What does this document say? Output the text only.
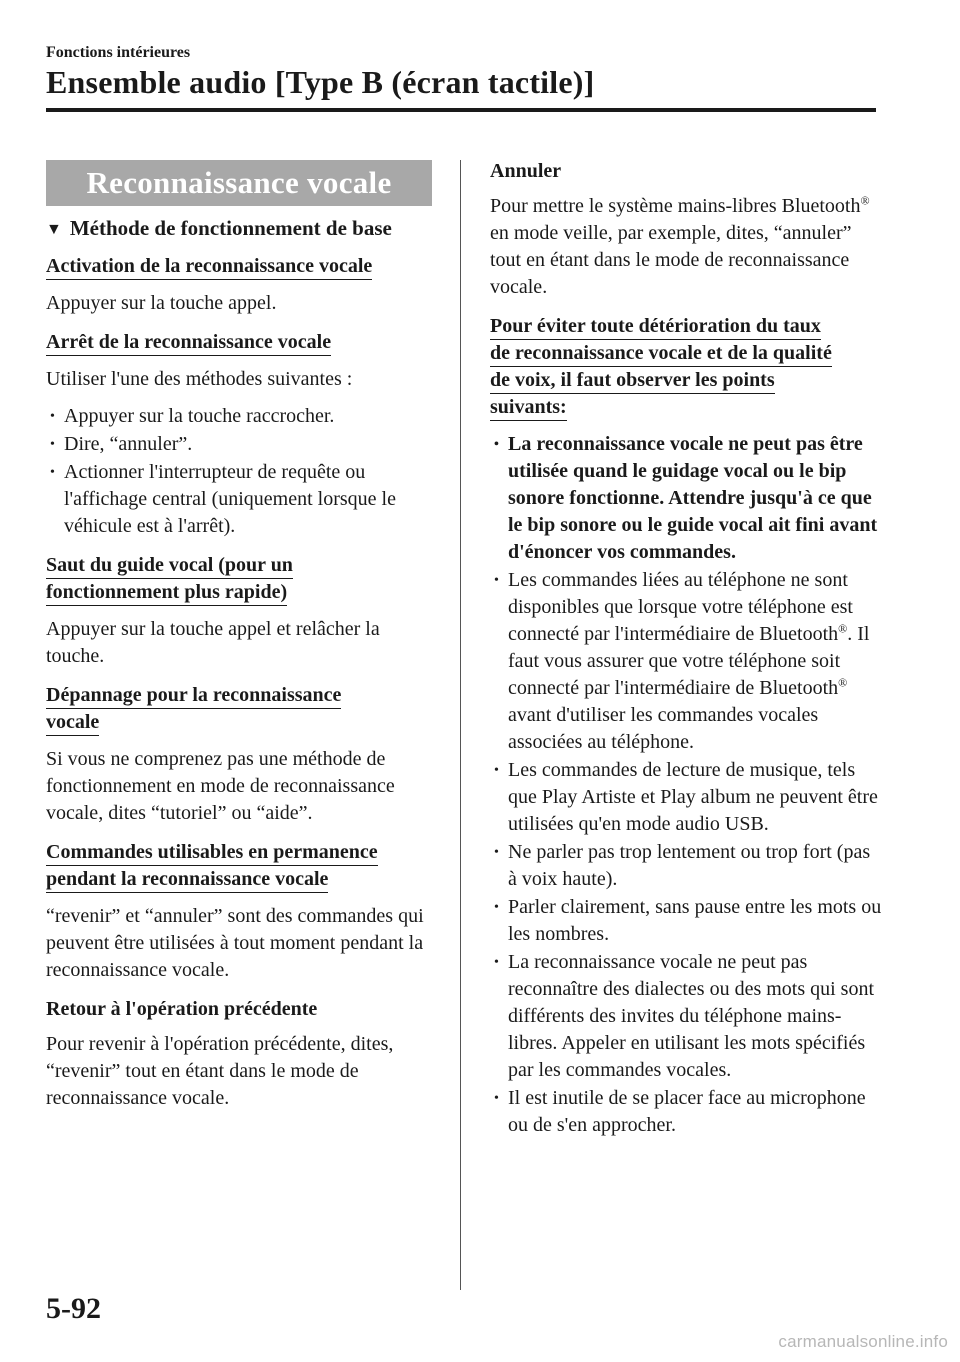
Fonctions intérieures
Ensemble audio [Type B (écran tactile)]
Reconnaissance vocale
▼ Méthode de fonctionnement de base
Activation de la reconnaissance vocale

Appuyer sur la touche appel.

Arrêt de la reconnaissance vocale

Utiliser l'une des méthodes suivantes :

• Appuyer sur la touche raccrocher.
• Dire, “annuler”.
• Actionner l'interrupteur de requête ou l'affichage central (uniquement lorsque le véhicule est à l'arrêt).
Saut du guide vocal (pour un
fonctionnement plus rapide)

Appuyer sur la touche appel et relâcher la touche.

Dépannage pour la reconnaissance
vocale

Si vous ne comprenez pas une méthode de fonctionnement en mode de reconnaissance vocale, dites “tutoriel” ou “aide”.

Commandes utilisables en permanence
pendant la reconnaissance vocale

“revenir” et “annuler” sont des commandes qui peuvent être utilisées à tout moment pendant la reconnaissance vocale.

Retour à l'opération précédente

Pour revenir à l'opération précédente, dites, “revenir” tout en étant dans le mode de reconnaissance vocale.

Annuler

Pour mettre le système mains-libres Bluetooth® en mode veille, par exemple, dites, “annuler” tout en étant dans le mode de reconnaissance vocale.

Pour éviter toute détérioration du taux
de reconnaissance vocale et de la qualité
de voix, il faut observer les points
suivants:
• La reconnaissance vocale ne peut pas être utilisée quand le guidage vocal ou le bip sonore fonctionne. Attendre jusqu'à ce que le bip sonore ou le guide vocal ait fini avant d'énoncer vos commandes.
• Les commandes liées au téléphone ne sont disponibles que lorsque votre téléphone est connecté par l'intermédiaire de Bluetooth®. Il faut vous assurer que votre téléphone soit connecté par l'intermédiaire de Bluetooth® avant d'utiliser les commandes vocales associées au téléphone.
• Les commandes de lecture de musique, tels que Play Artiste et Play album ne peuvent être utilisées qu'en mode audio USB.
• Ne parler pas trop lentement ou trop fort (pas à voix haute).
• Parler clairement, sans pause entre les mots ou les nombres.
• La reconnaissance vocale ne peut pas reconnaître des dialectes ou des mots qui sont différents des invites du téléphone mains-libres. Appeler en utilisant les mots spécifiés par les commandes vocales.
• Il est inutile de se placer face au microphone ou de s'en approcher.
5-92
carmanualsonline.info
